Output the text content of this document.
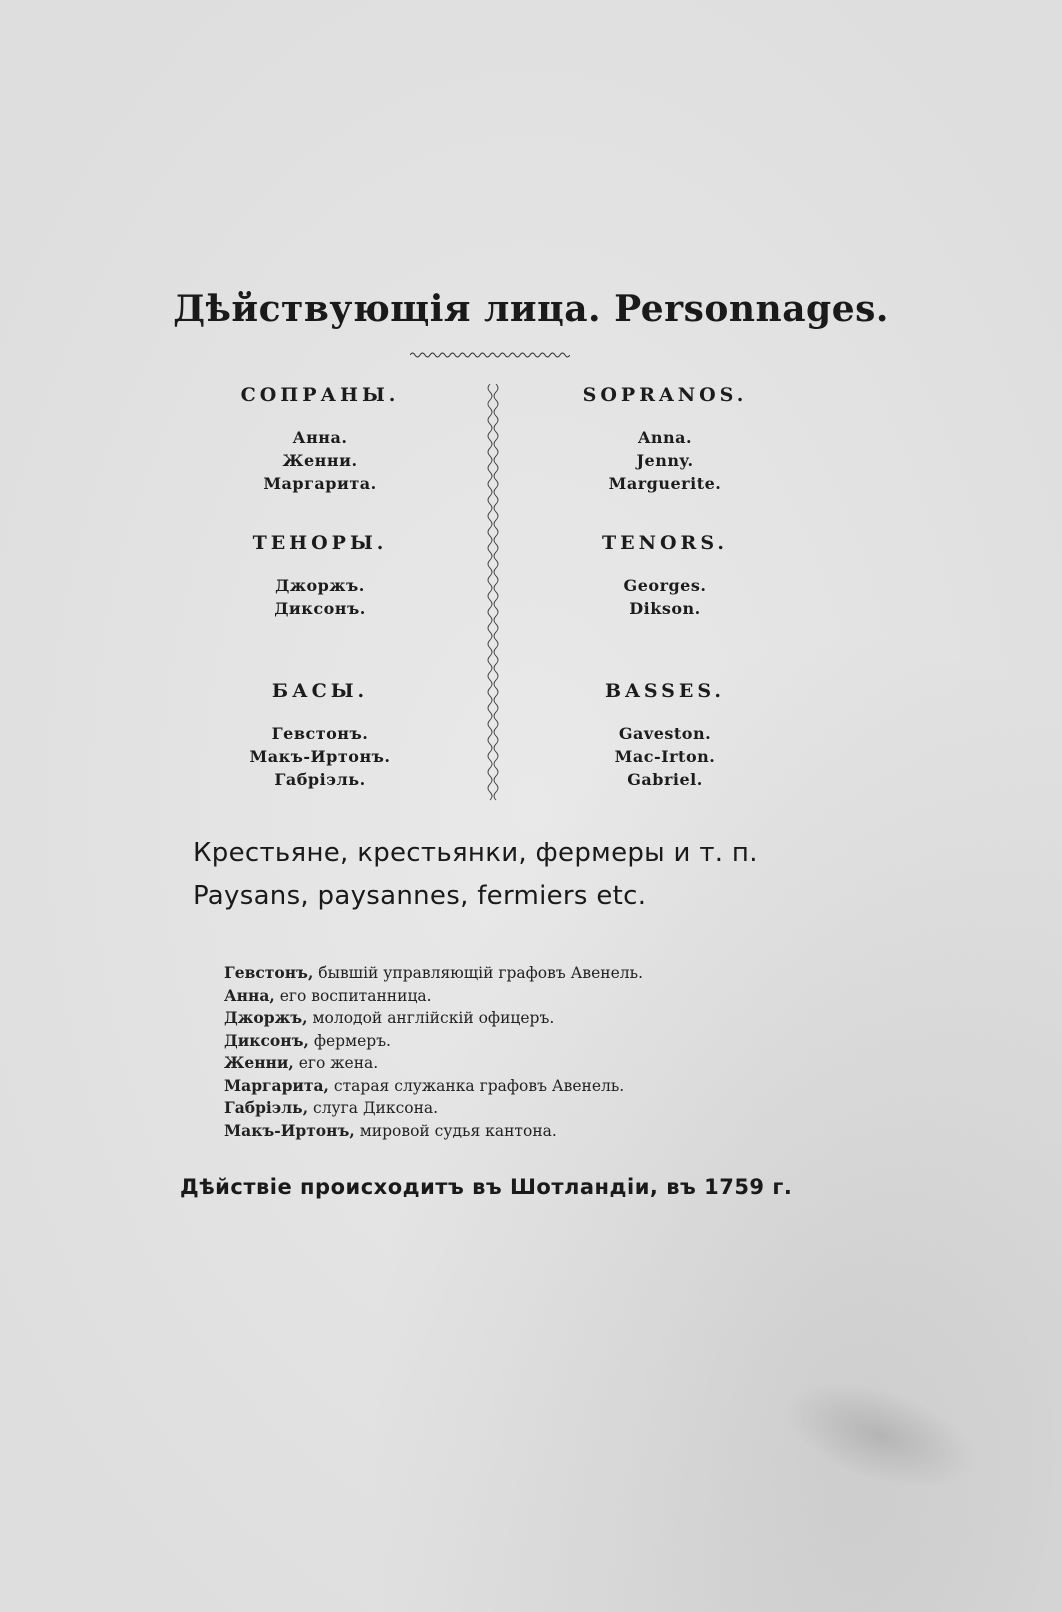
Дѣйствующія лица. Personnages.
СОПРАНЫ.
Анна.
Женни.
Маргарита.
ТЕНОРЫ.
Джоржъ.
Диксонъ.
БАСЫ.
Гевстонъ.
Макъ-Иртонъ.
Габріэль.
SOPRANOS.
Anna.
Jenny.
Marguerite.
TENORS.
Georges.
Dikson.
BASSES.
Gaveston.
Mac-Irton.
Gabriel.
Крестьяне, крестьянки, фермеры и т. п.
Paysans, paysannes, fermiers etc.
Гевстонъ, бывшій управляющій графовъ Авенель.
Анна, его воспитанница.
Джоржъ, молодой англійскій офицеръ.
Диксонъ, фермеръ.
Женни, его жена.
Маргарита, старая служанка графовъ Авенель.
Габріэль, слуга Диксона.
Макъ-Иртонъ, мировой судья кантона.
Дѣйствіе происходитъ въ Шотландіи, въ 1759 г.
